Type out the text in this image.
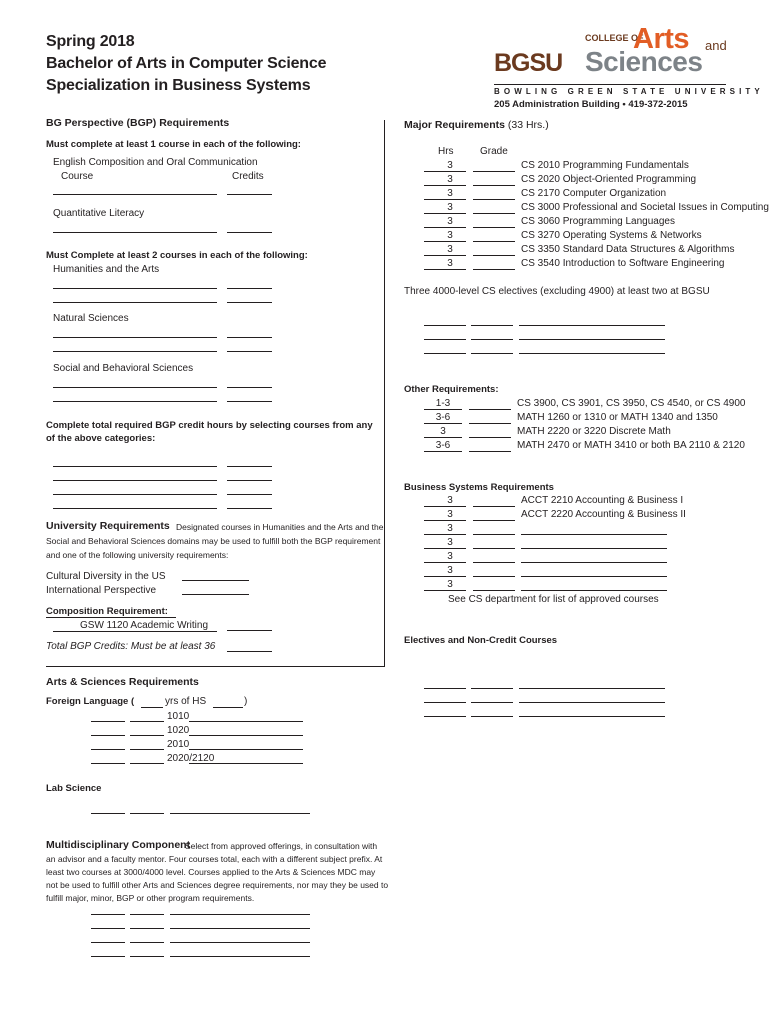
Spring 2018
Bachelor of Arts in Computer Science
Specialization in Business Systems
BGSU
COLLEGE OF
Arts and
Sciences
BOWLING GREEN STATE UNIVERSITY
205 Administration Building • 419-372-2015
BG Perspective (BGP) Requirements
Must complete at least 1 course in each of the following:
English Composition and Oral Communication
Course	Credits
Quantitative Literacy
Must Complete at least 2 courses in each of the following:
Humanities and the Arts
Natural Sciences
Social and Behavioral Sciences
Complete total required BGP credit hours by selecting courses from any
of the above categories:
University Requirements Designated courses in Humanities and the Arts and the
Social and Behavioral Sciences domains may be used to fulfill both the BGP requirement
and one of the following university requirements:
Cultural Diversity in the US
International Perspective
Composition Requirement:
GSW 1120 Academic Writing
Total BGP Credits: Must be at least 36
Arts & Sciences Requirements
Foreign Language (	yrs of HS	)
1010
1020
2010
2020/2120
Lab Science
Multidisciplinary Component
Select from approved offerings, in consultation with
an advisor and a faculty mentor. Four courses total, each with a different subject prefix. At
least two courses at 3000/4000 level. Courses applied to the Arts & Sciences MDC may
not be used to fulfill other Arts and Sciences degree requirements, nor may they be used to
fulfill major, minor, BGP or other program requirements.
Major Requirements (33 Hrs.)
Hrs	Grade
3	CS 2010 Programming Fundamentals
3	CS 2020 Object-Oriented Programming
3	CS 2170 Computer Organization
3	CS 3000 Professional and Societal Issues in Computing
3	CS 3060 Programming Languages
3	CS 3270 Operating Systems & Networks
3	CS 3350 Standard Data Structures & Algorithms
3	CS 3540 Introduction to Software Engineering
Three 4000-level CS electives (excluding 4900) at least two at BGSU
Other Requirements:
1-3	CS 3900, CS 3901, CS 3950, CS 4540, or CS 4900
3-6	MATH 1260 or 1310 or MATH 1340 and 1350
3	MATH 2220 or 3220 Discrete Math
3-6	MATH 2470 or MATH 3410 or both BA 2110 & 2120
Business Systems Requirements
3	ACCT 2210 Accounting & Business I
3	ACCT 2220 Accounting & Business II
3
3
3
3
3
See CS department for list of approved courses
Electives and Non-Credit Courses
